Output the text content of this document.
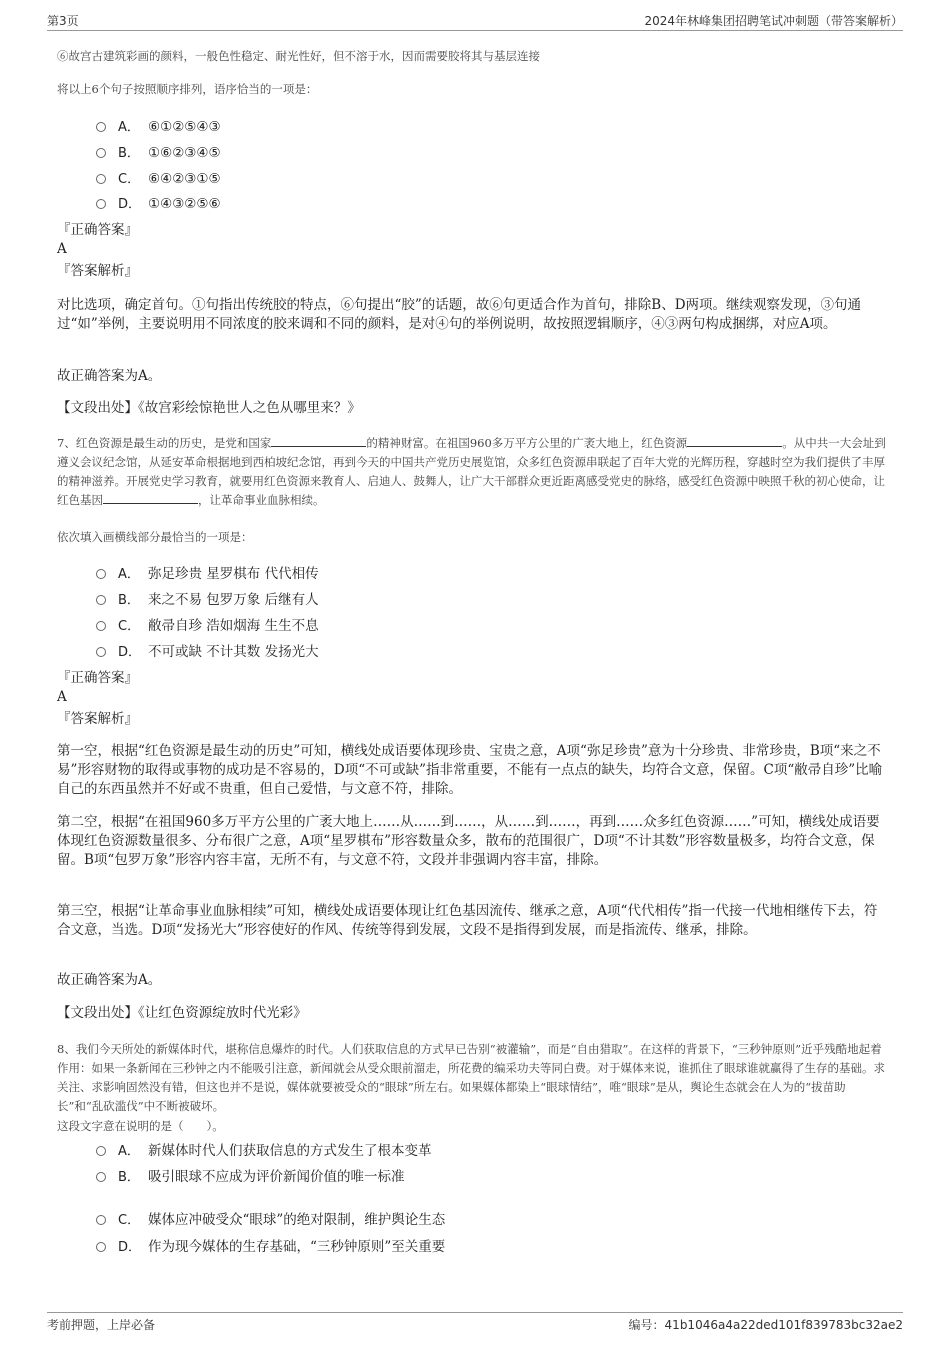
第3页	2024年林峰集团招聘笔试冲刺题（带答案解析）
⑥故宫古建筑彩画的颜料，一般色性稳定、耐光性好，但不溶于水，因而需要胶将其与基层连接
将以上6个句子按照顺序排列，语序恰当的一项是：
A． ⑥①②⑤④③
B． ①⑥②③④⑤
C． ⑥④②③①⑤
D． ①④③②⑤⑥
『正确答案』
A
『答案解析』
对比选项，确定首句。①句指出传统胶的特点，⑥句提出“胶”的话题，故⑥句更适合作为首句，排除B、D两项。继续观察发现，③句通过“如”举例，主要说明用不同浓度的胶来调和不同的颜料，是对④句的举例说明，故按照逻辑顺序，④③两句构成捆绑，对应A项。
故正确答案为A。
【文段出处】《故宫彩绘惊艳世人之色从哪里来？》
7、红色资源是最生动的历史，是党和国家	的精神财富。在祖国960多万平方公里的广袤大地上，红色资源	。从中共一大会址到遵义会议纪念馆，从延安革命根据地到西柏坡纪念馆，再到今天的中国共产党历史展览馆，众多红色资源串联起了百年大党的光辉历程，穿越时空为我们提供了丰厚的精神滋养。开展党史学习教育，就要用红色资源来教育人、启迪人、鼓舞人，让广大干部群众更近距离感受党史的脉络，感受红色资源中映照千秋的初心使命，让红色基因	，让革命事业血脉相续。
依次填入画横线部分最恰当的一项是：
A． 弥足珍贵 星罗棋布 代代相传
B． 来之不易 包罗万象 后继有人
C． 敝帚自珍 浩如烟海 生生不息
D． 不可或缺 不计其数 发扬光大
『正确答案』
A
『答案解析』
第一空，根据“红色资源是最生动的历史”可知，横线处成语要体现珍贵、宝贵之意，A项“弥足珍贵”意为十分珍贵、非常珍贵，B项“来之不易”形容财物的取得或事物的成功是不容易的，D项“不可或缺”指非常重要，不能有一点点的缺失，均符合文意，保留。C项“敝帚自珍”比喻自己的东西虽然并不好或不贵重，但自己爱惜，与文意不符，排除。
第二空，根据“在祖国960多万平方公里的广袤大地上……从……到……，从……到……，再到……众多红色资源……”可知，横线处成语要体现红色资源数量很多、分布很广之意，A项“星罗棋布”形容数量众多，散布的范围很广，D项“不计其数”形容数量极多，均符合文意，保留。B项“包罗万象”形容内容丰富，无所不有，与文意不符，文段并非强调内容丰富，排除。
第三空，根据“让革命事业血脉相续”可知，横线处成语要体现让红色基因流传、继承之意，A项“代代相传”指一代接一代地相继传下去，符合文意，当选。D项“发扬光大”形容使好的作风、传统等得到发展，文段不是指得到发展，而是指流传、继承，排除。
故正确答案为A。
【文段出处】《让红色资源绽放时代光彩》
8、我们今天所处的新媒体时代，堪称信息爆炸的时代。人们获取信息的方式早已告别“被灌输”，而是“自由猎取”。在这样的背景下，“三秒钟原则”近乎残酷地起着作用：如果一条新闻在三秒钟之内不能吸引注意，新闻就会从受众眼前溜走，所花费的编采功夫等同白费。对于媒体来说，谁抓住了眼球谁就赢得了生存的基础。求关注、求影响固然没有错，但这也并不是说，媒体就要被受众的“眼球”所左右。如果媒体都染上“眼球情结”，唯“眼球”是从，舆论生态就会在人为的“拔苗助长”和“乱砍滥伐”中不断被破坏。
这段文字意在说明的是（　　）。
A． 新媒体时代人们获取信息的方式发生了根本变革
B． 吸引眼球不应成为评价新闻价值的唯一标准
C． 媒体应冲破受众“眼球”的绝对限制，维护舆论生态
D． 作为现今媒体的生存基础，“三秒钟原则”至关重要
考前押题，上岸必备	编号：41b1046a4a22ded101f839783bc32ae2
